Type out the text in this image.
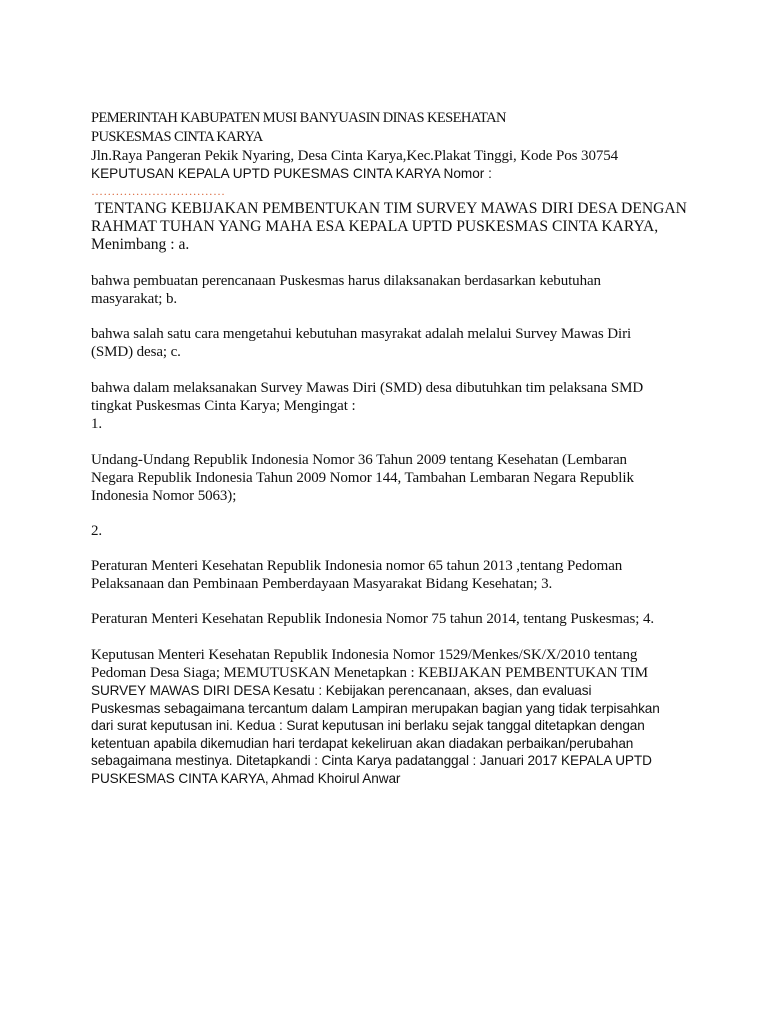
PEMERINTAH KABUPATEN MUSI BANYUASIN DINAS KESEHATAN

PUSKESMAS CINTA KARYA

Jln.Raya Pangeran Pekik Nyaring, Desa Cinta Karya,Kec.Plakat Tinggi, Kode Pos 30754

KEPUTUSAN KEPALA UPTD PUKESMAS CINTA KARYA Nomor :

……………………………

TENTANG KEBIJAKAN PEMBENTUKAN TIM SURVEY MAWAS DIRI DESA DENGAN
RAHMAT TUHAN YANG MAHA ESA KEPALA UPTD PUSKESMAS CINTA KARYA,
Menimbang : a.
bahwa pembuatan perencanaan Puskesmas harus dilaksanakan berdasarkan kebutuhan
masyarakat; b.
bahwa salah satu cara mengetahui kebutuhan masyrakat adalah melalui Survey Mawas Diri
(SMD) desa; c.
bahwa dalam melaksanakan Survey Mawas Diri (SMD) desa dibutuhkan tim pelaksana SMD
tingkat Puskesmas Cinta Karya; Mengingat :
1.
Undang-Undang Republik Indonesia Nomor 36 Tahun 2009 tentang Kesehatan (Lembaran
Negara Republik Indonesia Tahun 2009 Nomor 144, Tambahan Lembaran Negara Republik
Indonesia Nomor 5063);

2.

Peraturan Menteri Kesehatan Republik Indonesia nomor 65 tahun 2013 ,tentang Pedoman
Pelaksanaan dan Pembinaan Pemberdayaan Masyarakat Bidang Kesehatan; 3.

Peraturan Menteri Kesehatan Republik Indonesia Nomor 75 tahun 2014, tentang Puskesmas; 4.

Keputusan Menteri Kesehatan Republik Indonesia Nomor 1529/Menkes/SK/X/2010 tentang
Pedoman Desa Siaga; MEMUTUSKAN Menetapkan : KEBIJAKAN PEMBENTUKAN TIM
SURVEY MAWAS DIRI DESA Kesatu : Kebijakan perencanaan, akses, dan evaluasi
Puskesmas sebagaimana tercantum dalam Lampiran merupakan bagian yang tidak terpisahkan
dari surat keputusan ini. Kedua : Surat keputusan ini berlaku sejak tanggal ditetapkan dengan
ketentuan apabila dikemudian hari terdapat kekeliruan akan diadakan perbaikan/perubahan
sebagaimana mestinya. Ditetapkandi : Cinta Karya padatanggal : Januari 2017 KEPALA UPTD
PUSKESMAS CINTA KARYA, Ahmad Khoirul Anwar
